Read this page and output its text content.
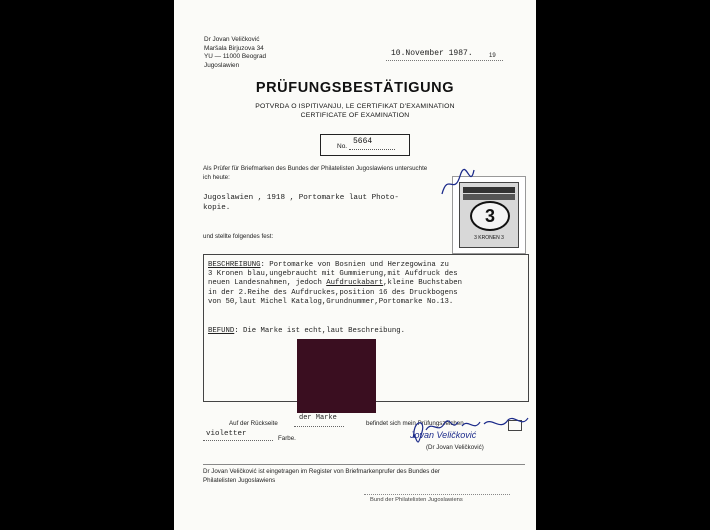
Dr Jovan Veličković
Maršala Birjuzova 34
YU — 11000 Beograd
Jugoslawien
10.November 1987.	19
PRÜFUNGSBESTÄTIGUNG
POTVRDA O ISPITIVANJU, LE CERTIFIKAT D'EXAMINATION
CERTIFICATE OF EXAMINATION
No.
5664
Als Prüfer für Briefmarken des Bundes der Philatelisten Jugoslawiens untersuchte
ich heute:
Jugoslawien , 1918 , Portomarke laut Photo-
kopie.	3
3 KRONEN 3
und stellte folgendes fest:
BESCHREIBUNG: Portomarke von Bosnien und Herzegowina zu
3 Kronen blau,ungebraucht mit Gummierung,mit Aufdruck des
neuen Landesnahmen, jedoch Aufdruckabart,kleine Buchstaben
in der 2.Reihe des Aufdruckes,position 16 des Druckbogens
von 50,laut Michel Katalog,Grundnummer,Portomarke No.13.
BEFUND: Die Marke ist echt,laut Beschreibung.
Auf der Rückseite
der Marke
befindet sich mein Prüfungszeichen
violetter
Farbe.	Jovan Veličković
(Dr Jovan Veličković)
Dr Jovan Veličković ist eingetragen im Register von Briefmarkenprufer des Bundes der
Philatelisten Jugoslawiens
Bund der Philatelisten Jugoslawiens
